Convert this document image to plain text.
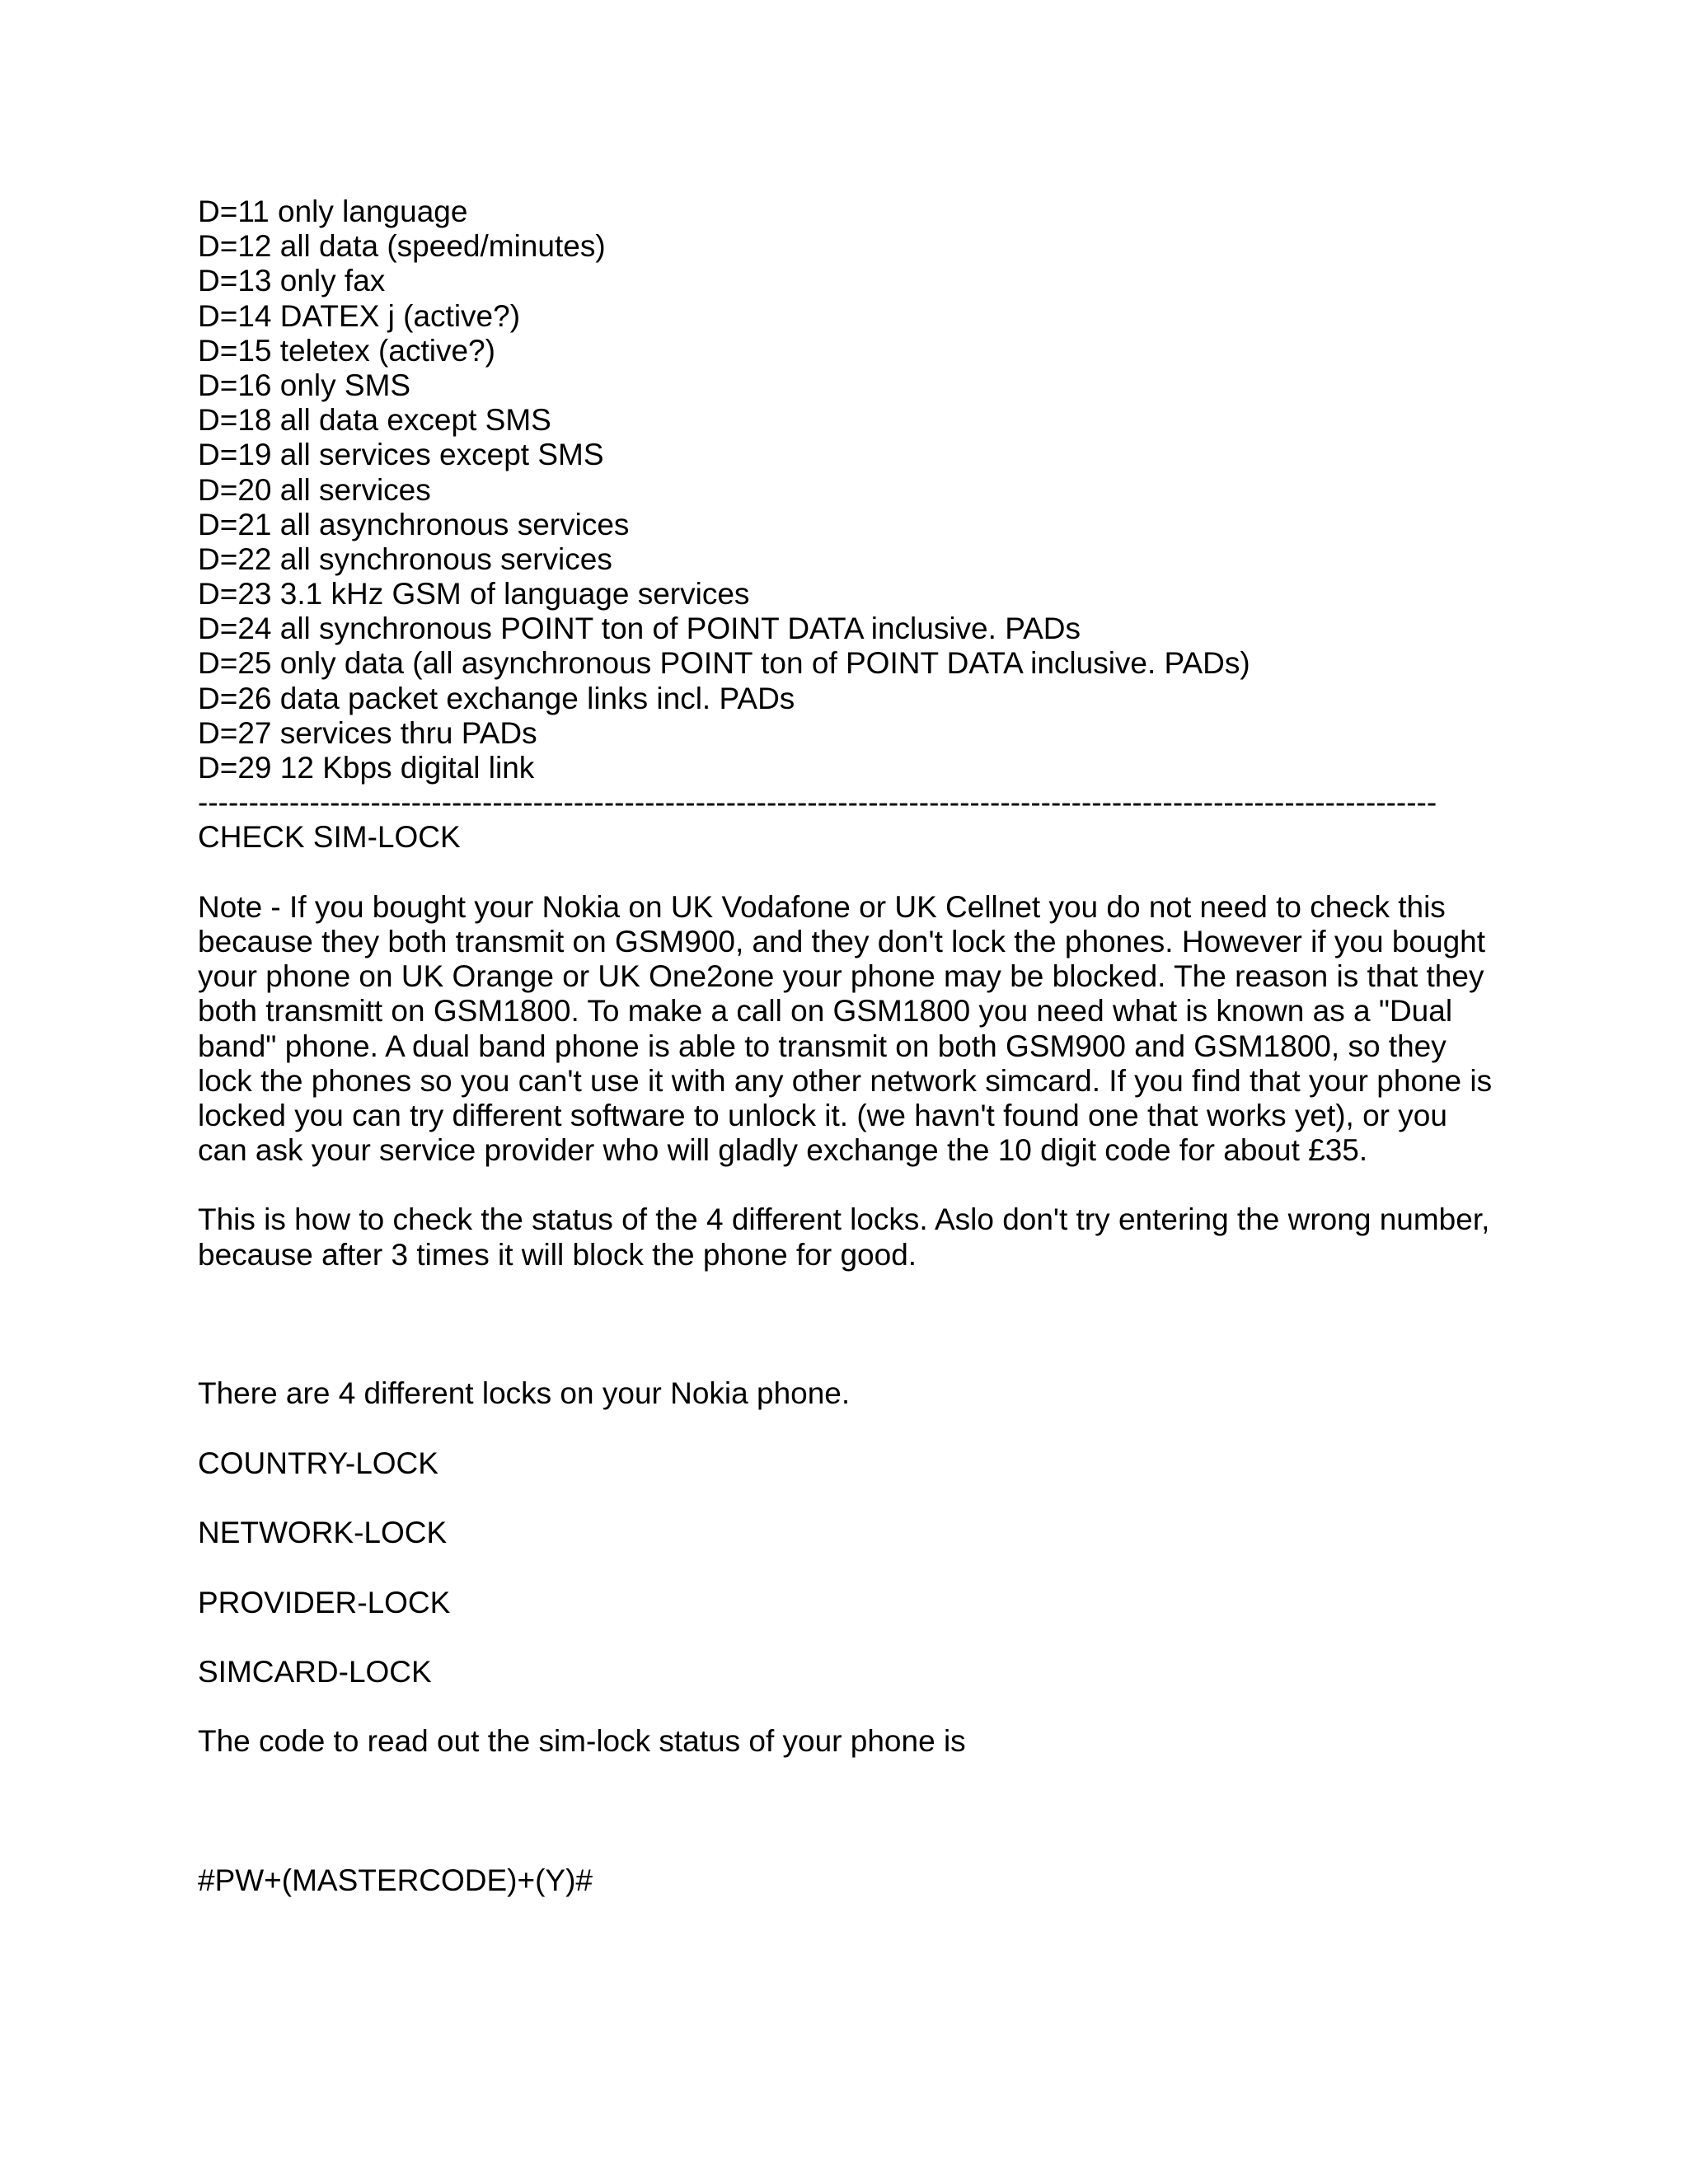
D=11 only language
D=12 all data (speed/minutes)
D=13 only fax
D=14 DATEX j (active?)
D=15 teletex (active?)
D=16 only SMS
D=18 all data except SMS
D=19 all services except SMS
D=20 all services
D=21 all asynchronous services
D=22 all synchronous services
D=23 3.1 kHz GSM of language services
D=24 all synchronous POINT ton of POINT DATA inclusive. PADs
D=25 only data (all asynchronous POINT ton of POINT DATA inclusive. PADs)
D=26 data packet exchange links incl. PADs
D=27 services thru PADs
D=29 12 Kbps digital link
--------------------------------------------------------------------------------------------------------------------------
CHECK SIM-LOCK
Note - If you bought your Nokia on UK Vodafone or UK Cellnet you do not need to check this
because they both transmit on GSM900, and they don't lock the phones. However if you bought
your phone on UK Orange or UK One2one your phone may be blocked. The reason is that they
both transmitt on GSM1800. To make a call on GSM1800 you need what is known as a "Dual
band" phone. A dual band phone is able to transmit on both GSM900 and GSM1800, so they
lock the phones so you can't use it with any other network simcard. If you find that your phone is
locked you can try different software to unlock it. (we havn't found one that works yet), or you
can ask your service provider who will gladly exchange the 10 digit code for about £35.
This is how to check the status of the 4 different locks. Aslo don't try entering the wrong number,
because after 3 times it will block the phone for good.
There are 4 different locks on your Nokia phone.
COUNTRY-LOCK
NETWORK-LOCK
PROVIDER-LOCK
SIMCARD-LOCK
The code to read out the sim-lock status of your phone is
#PW+(MASTERCODE)+(Y)#
